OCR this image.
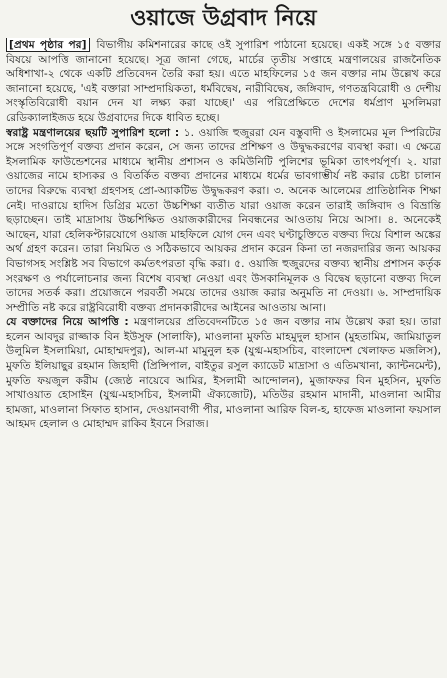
ওয়াজে উগ্রবাদ নিয়ে

[প্রথম পৃষ্ঠার পর] বিভাগীয় কমিশনারের কাছে ওই সুপারিশ পাঠানো হয়েছে। একই সঙ্গে ১৫ বক্তার বিষয়ে আপত্তি জানানো হয়েছে। সূত্র জানা গেছে, মার্চের তৃতীয় সপ্তাহে মন্ত্রণালয়ের রাজনৈতিক অধিশাখা-২ থেকে একটি প্রতিবেদন তৈরি করা হয়। এতে মাহফিলের ১৫ জন বক্তার নাম উল্লেখ করে জানানো হয়েছে, 'এই বক্তারা সাম্প্রদায়িকতা, ধর্মবিদ্বেষ, নারীবিদ্বেষ, জঙ্গিবাদ, গণতন্ত্রবিরোধী ও দেশীয় সংস্কৃতিবিরোধী বয়ান দেন যা লক্ষ্য করা যাচ্ছে।' এর পরিপ্রেক্ষিতে দেশের ধর্মপ্রাণ মুসলিমরা রেডিক্যালাইজড হয়ে উগ্রবাদের দিকে ধাবিত হচ্ছে।

স্বরাষ্ট্র মন্ত্রণালয়ের ছয়টি সুপারিশ হলো : ১. ওয়াজি হুজুররা যেন বস্তুবাদী ও ইসলামের মূল স্পিরিটের সঙ্গে সংগতিপূর্ণ বক্তব্য প্রদান করেন, সে জন্য তাদের প্রশিক্ষণ ও উদ্বুদ্ধকরণের ব্যবস্থা করা। এ ক্ষেত্রে ইসলামিক ফাউন্ডেশনের মাধ্যমে স্থানীয় প্রশাসন ও কমিউনিটি পুলিশের ভূমিকা তাৎপর্যপূর্ণ। ২. যারা ওয়াজের নামে হাস্যকর ও বিতর্কিত বক্তব্য প্রদানের মাধ্যমে ধর্মের ভাবগাম্ভীর্য নষ্ট করার চেষ্টা চালান তাদের বিরুদ্ধে ব্যবস্থা গ্রহণসহ প্রো-অ্যাকটিভ উদ্বুদ্ধকরণ করা। ৩. অনেক আলেমের প্রাতিষ্ঠানিক শিক্ষা নেই। দাওরায়ে হাদিস ডিগ্রির মতো উচ্চশিক্ষা ব্যতীত যারা ওয়াজ করেন তারাই জঙ্গিবাদ ও বিভ্রান্তি ছড়াচ্ছেন। তাই মাদ্রাসায় উচ্চশিক্ষিত ওয়াজকারীদের নিবন্ধনের আওতায় নিয়ে আসা। ৪. অনেকেই আছেন, যারা হেলিকপ্টারযোগে ওয়াজ মাহফিলে যোগ দেন এবং ঘণ্টাচুক্তিতে বক্তব্য দিয়ে বিশাল অঙ্কের অর্থ গ্রহণ করেন। তারা নিয়মিত ও সঠিকভাবে আয়কর প্রদান করেন কিনা তা নজরদারির জন্য আয়কর বিভাগসহ সংশ্লিষ্ট সব বিভাগে কর্মতৎপরতা বৃদ্ধি করা। ৫. ওয়াজি হুজুরদের বক্তব্য স্থানীয় প্রশাসন কর্তৃক সংরক্ষণ ও পর্যালোচনার জন্য বিশেষ ব্যবস্থা নেওয়া এবং উসকানিমূলক ও বিদ্বেষ ছড়ানো বক্তব্য দিলে তাদের সতর্ক করা। প্রয়োজনে পরবর্তী সময়ে তাদের ওয়াজ করার অনুমতি না দেওয়া। ৬. সাম্প্রদায়িক সম্প্রীতি নষ্ট করে রাষ্ট্রবিরোধী বক্তব্য প্রদানকারীদের আইনের আওতায় আনা।

যে বক্তাদের নিয়ে আপত্তি : মন্ত্রণালয়ের প্রতিবেদনটিতে ১৫ জন বক্তার নাম উল্লেখ করা হয়। তারা হলেন আবদুর রাজ্জাক বিন ইউসুফ (সালাফি), মাওলানা মুফতি মাহমুদুল হাসান (মুহতামিম, জামিয়াতুল উলুমিল ইসলামিয়া, মোহাম্মদপুর), আল-মা মামুনুল হক (যুগ্ম-মহাসচিব, বাংলাদেশ খেলাফত মজলিস), মুফতি ইলিয়াছুর রহমান জিহাদী (প্রিন্সিপাল, বাইতুর রসুল ক্যাডেট মাদ্রাসা ও এতিমখানা, ক্যান্টনমেন্ট), মুফতি ফয়জুল করীম (জ্যেষ্ঠ নায়েবে আমির, ইসলামী আন্দোলন), মুজাফফর বিন মুহসিন, মুফতি সাখাওয়াত হোসাইন (যুগ্ম-মহাসচিব, ইসলামী ঐক্যজোট), মতিউর রহমান মাদানী, মাওলানা আমীর হামজা, মাওলানা সিফাত হাসান, দেওয়ানবাগী পীর, মাওলানা আরিফ বিল-হ, হাফেজ মাওলানা ফয়সাল আহমদ হেলাল ও মোহাম্মদ রাকিব ইবনে সিরাজ।
